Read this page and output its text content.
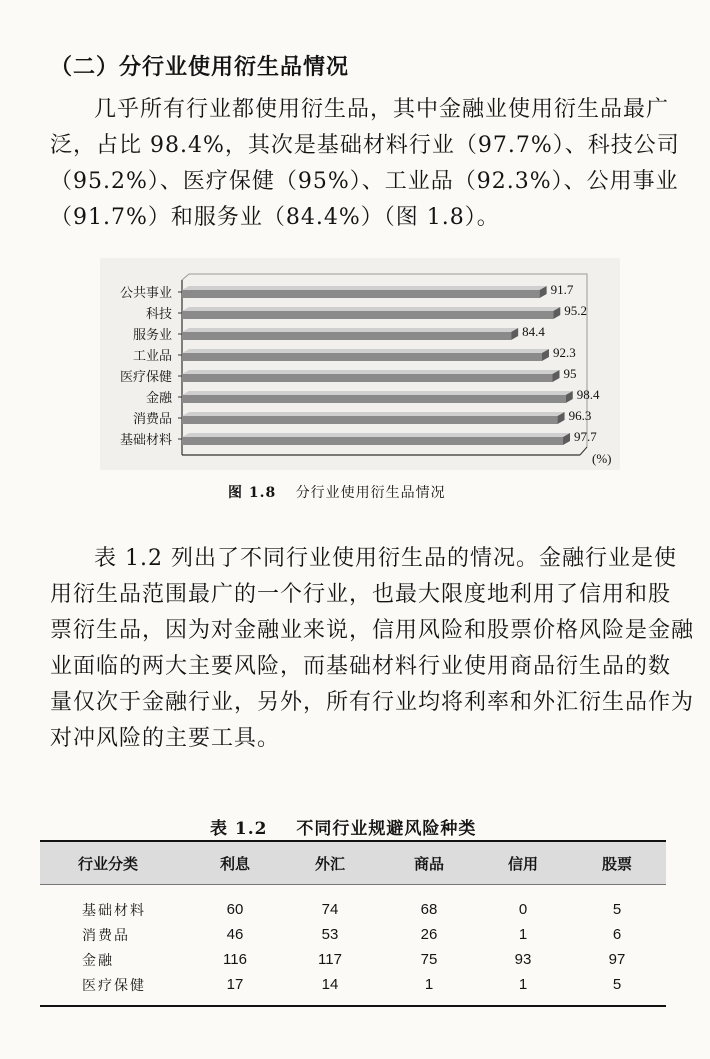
（二）分行业使用衍生品情况

几乎所有行业都使用衍生品，其中金融业使用衍生品最广
泛，占比 98.4%，其次是基础材料行业（97.7%）、科技公司
（95.2%）、医疗保健（95%）、工业品（92.3%）、公用事业
（91.7%）和服务业（84.4%）（图 1.8）。

公共事业	91.7
科技	95.2
服务业	84.4
工业品	92.3
医疗保健	95
金融	98.4
消费品	96.3
基础材料	97.7
(%)
图 1.8 分行业使用衍生品情况

表 1.2 列出了不同行业使用衍生品的情况。金融行业是使
用衍生品范围最广的一个行业，也最大限度地利用了信用和股
票衍生品，因为对金融业来说，信用风险和股票价格风险是金融
业面临的两大主要风险，而基础材料行业使用商品衍生品的数
量仅次于金融行业，另外，所有行业均将利率和外汇衍生品作为
对冲风险的主要工具。

表 1.2 不同行业规避风险种类
行业分类	利息	外汇	商品	信用	股票
基础材料	60	74	68	0	5
消费品	46	53	26	1	6
金融	116	117	75	93	97
医疗保健	17	14	1	1	5
